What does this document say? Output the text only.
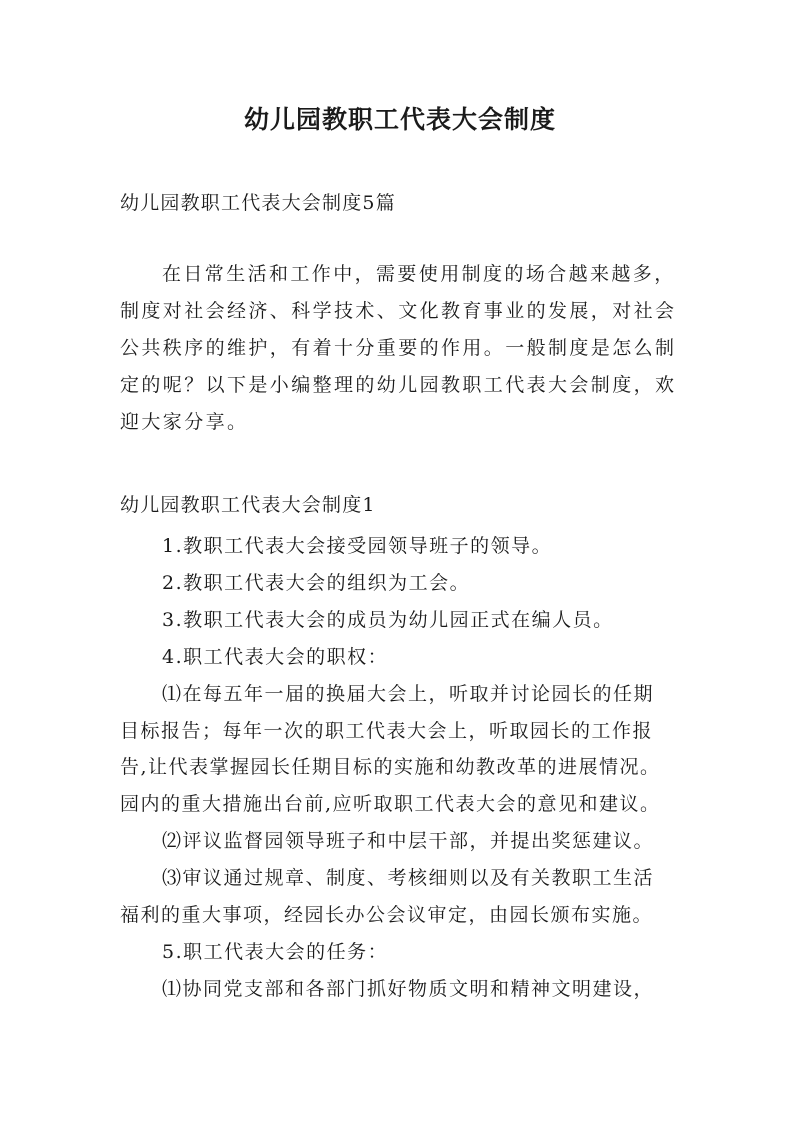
幼儿园教职工代表大会制度
幼儿园教职工代表大会制度5篇
在日常生活和工作中，需要使用制度的场合越来越多，
制度对社会经济、科学技术、文化教育事业的发展，对社会
公共秩序的维护，有着十分重要的作用。一般制度是怎么制
定的呢？以下是小编整理的幼儿园教职工代表大会制度，欢
迎大家分享。
幼儿园教职工代表大会制度1
1.教职工代表大会接受园领导班子的领导。
2.教职工代表大会的组织为工会。
3.教职工代表大会的成员为幼儿园正式在编人员。
4.职工代表大会的职权：
⑴在每五年一届的换届大会上，听取并讨论园长的任期
目标报告；每年一次的职工代表大会上，听取园长的工作报
告,让代表掌握园长任期目标的实施和幼教改革的进展情况。
园内的重大措施出台前,应听取职工代表大会的意见和建议。
⑵评议监督园领导班子和中层干部，并提出奖惩建议。
⑶审议通过规章、制度、考核细则以及有关教职工生活
福利的重大事项，经园长办公会议审定，由园长颁布实施。
5.职工代表大会的任务：
⑴协同党支部和各部门抓好物质文明和精神文明建设，
